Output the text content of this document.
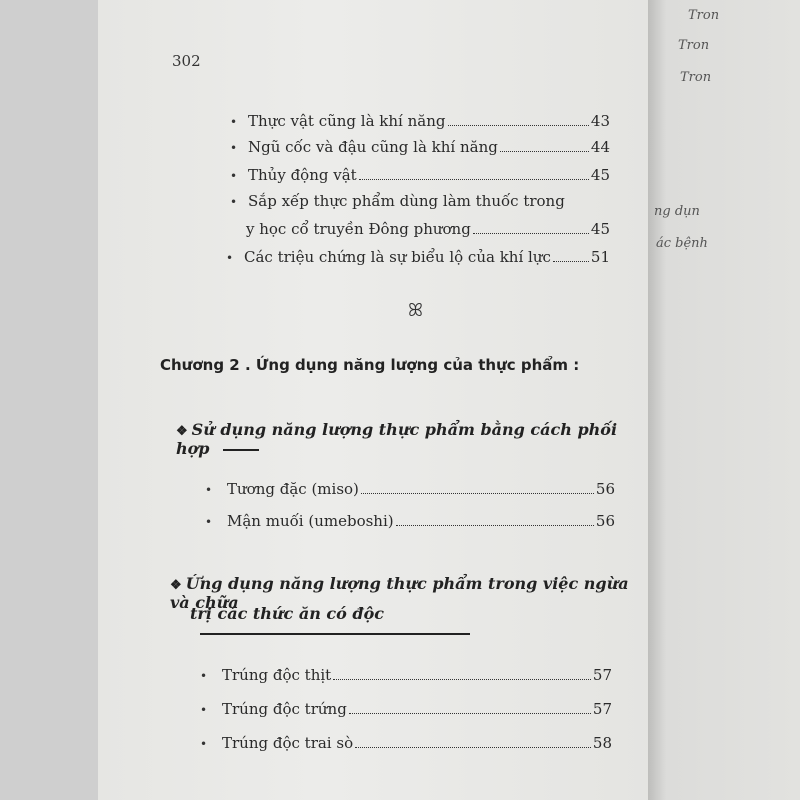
Tron
Tron
Tron
ng dụn
ác bệnh
302
• Thực vật cũng là khí năng	43
• Ngũ cốc và đậu cũng là khí năng	44
• Thủy động vật	45
• Sắp xếp thực phẩm dùng làm thuốc trong
y học cổ truyền Đông phương	45
• Các triệu chứng là sự biểu lộ của khí lực	51
ꕤ
Chương 2 . Ứng dụng năng lượng của thực phẩm :
❖ Sử dụng năng lượng thực phẩm bằng cách phối hợp
• Tương đặc (miso)	56
• Mận muối (umeboshi)	56
❖ Ứng dụng năng lượng thực phẩm trong việc ngừa và chữa
trị các thức ăn có độc
• Trúng độc thịt	57
• Trúng độc trứng	57
• Trúng độc trai sò	58
